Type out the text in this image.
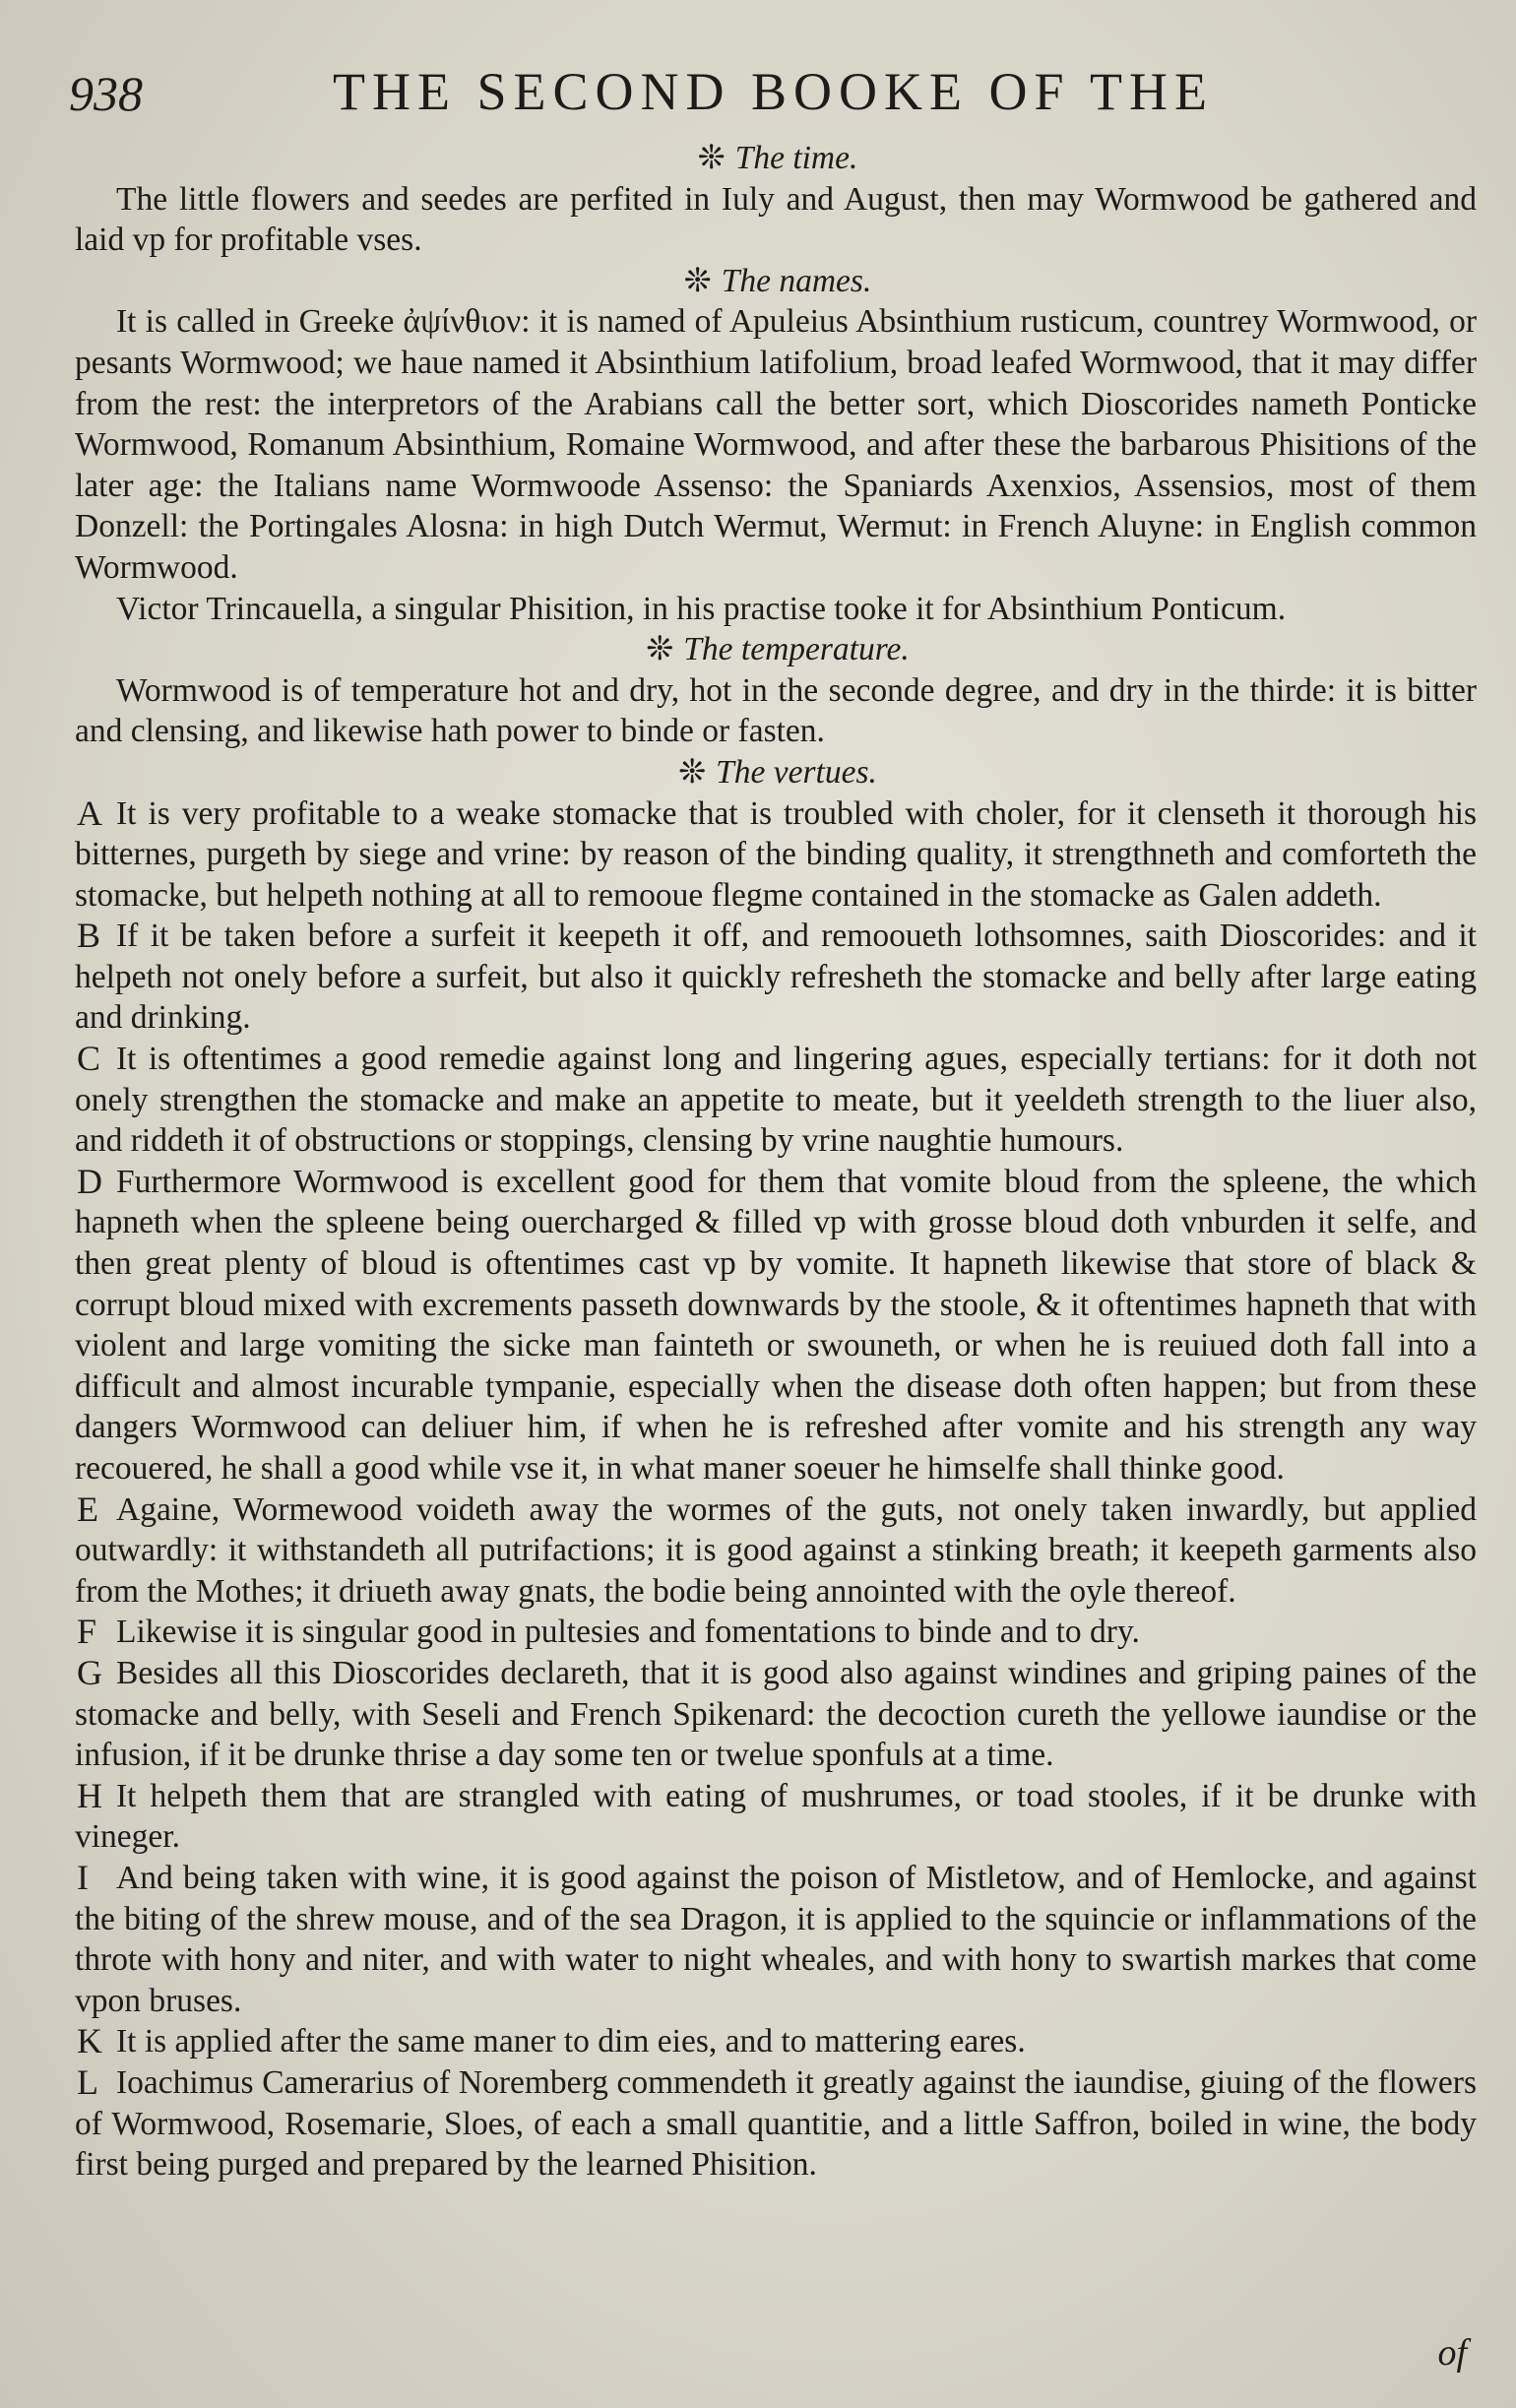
938	THE SECOND BOOKE OF THE
❊ The time.
The little flowers and seedes are perfited in Iuly and August, then may Wormwood be gathered and laid vp for profitable vses.
❊ The names.
It is called in Greeke ἀψίνθιον: it is named of Apuleius Absinthium rusticum, countrey Wormwood, or pesants Wormwood; we haue named it Absinthium latifolium, broad leafed Wormwood, that it may differ from the rest: the interpretors of the Arabians call the better sort, which Dioscorides nameth Ponticke Wormwood, Romanum Absinthium, Romaine Wormwood, and after these the barbarous Phisitions of the later age: the Italians name Wormwoode Assenso: the Spaniards Axenxios, Assensios, most of them Donzell: the Portingales Alosna: in high Dutch Wermut, Wermut: in French Aluyne: in English common Wormwood.
Victor Trincauella, a singular Phisition, in his practise tooke it for Absinthium Ponticum.
❊ The temperature.
Wormwood is of temperature hot and dry, hot in the seconde degree, and dry in the thirde: it is bitter and clensing, and likewise hath power to binde or fasten.
❊ The vertues.
A It is very profitable to a weake stomacke that is troubled with choler, for it clenseth it thorough his bitternes, purgeth by siege and vrine: by reason of the binding quality, it strengthneth and comforteth the stomacke, but helpeth nothing at all to remooue flegme contained in the stomacke as Galen addeth.
B If it be taken before a surfeit it keepeth it off, and remooueth lothsomnes, saith Dioscorides: and it helpeth not onely before a surfeit, but also it quickly refresheth the stomacke and belly after large eating and drinking.
C It is oftentimes a good remedie against long and lingering agues, especially tertians: for it doth not onely strengthen the stomacke and make an appetite to meate, but it yeeldeth strength to the liuer also, and riddeth it of obstructions or stoppings, clensing by vrine naughtie humours.
D Furthermore Wormwood is excellent good for them that vomite bloud from the spleene, the which hapneth when the spleene being ouercharged & filled vp with grosse bloud doth vnburden it selfe, and then great plenty of bloud is oftentimes cast vp by vomite. It hapneth likewise that store of black & corrupt bloud mixed with excrements passeth downwards by the stoole, & it oftentimes hapneth that with violent and large vomiting the sicke man fainteth or swouneth, or when he is reuiued doth fall into a difficult and almost incurable tympanie, especially when the disease doth often happen; but from these dangers Wormwood can deliuer him, if when he is refreshed after vomite and his strength any way recouered, he shall a good while vse it, in what maner soeuer he himselfe shall thinke good.
E Againe, Wormewood voideth away the wormes of the guts, not onely taken inwardly, but applied outwardly: it withstandeth all putrifactions; it is good against a stinking breath; it keepeth garments also from the Mothes; it driueth away gnats, the bodie being annointed with the oyle thereof.
F Likewise it is singular good in pultesies and fomentations to binde and to dry.
G Besides all this Dioscorides declareth, that it is good also against windines and griping paines of the stomacke and belly, with Seseli and French Spikenard: the decoction cureth the yellowe iaundise or the infusion, if it be drunke thrise a day some ten or twelue sponfuls at a time.
H It helpeth them that are strangled with eating of mushrumes, or toad stooles, if it be drunke with vineger.
I And being taken with wine, it is good against the poison of Mistletow, and of Hemlocke, and against the biting of the shrew mouse, and of the sea Dragon, it is applied to the squincie or inflammations of the throte with hony and niter, and with water to night wheales, and with hony to swartish markes that come vpon bruses.
K It is applied after the same maner to dim eies, and to mattering eares.
L Ioachimus Camerarius of Noremberg commendeth it greatly against the iaundise, giuing of the flowers of Wormwood, Rosemarie, Sloes, of each a small quantitie, and a little Saffron, boiled in wine, the body first being purged and prepared by the learned Phisition.
of
